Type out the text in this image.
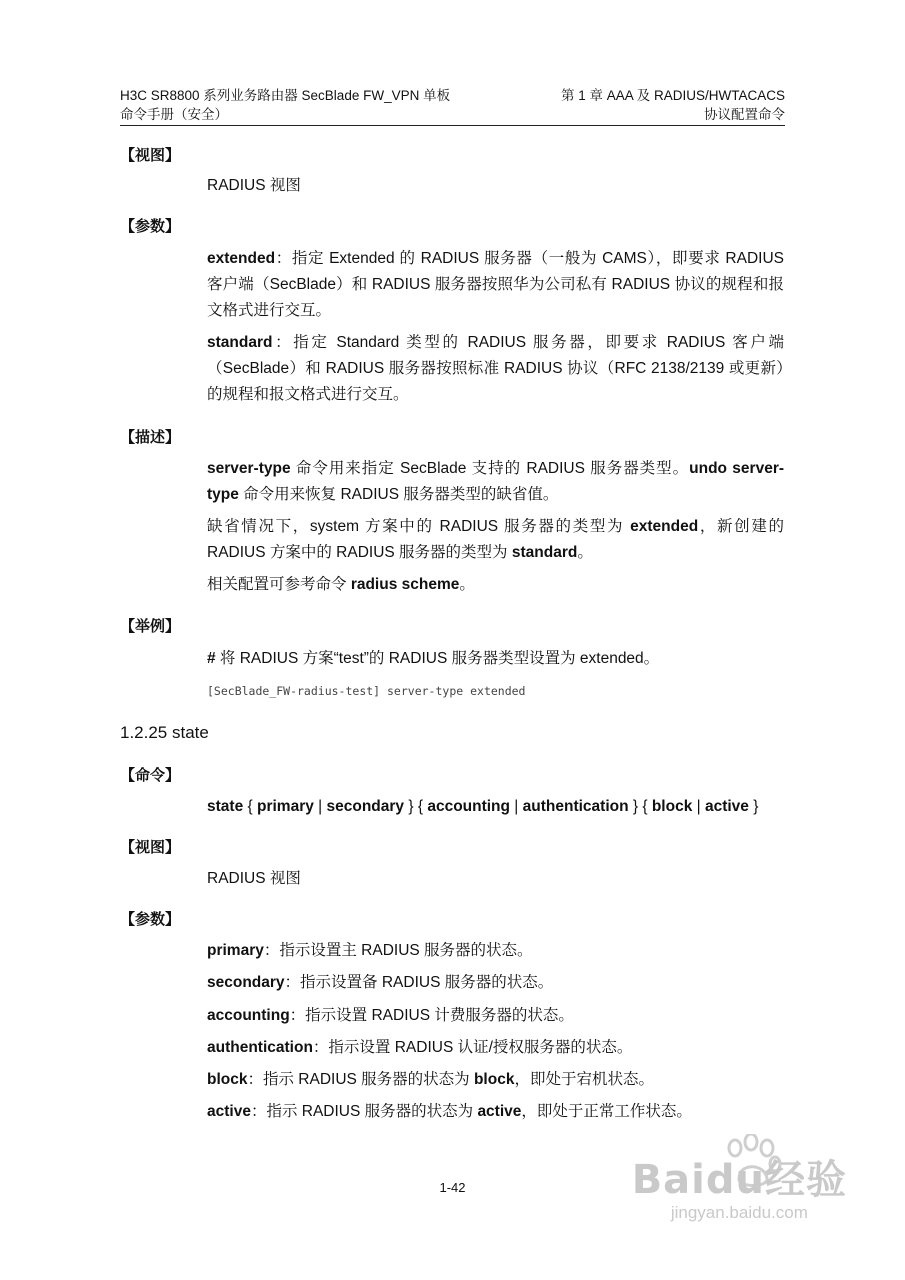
H3C SR8800 系列业务路由器 SecBlade FW_VPN 单板
命令手册（安全）
第 1 章 AAA 及 RADIUS/HWTACACS
协议配置命令
【视图】
RADIUS 视图
【参数】
extended：指定 Extended 的 RADIUS 服务器（一般为 CAMS），即要求 RADIUS 客户端（SecBlade）和 RADIUS 服务器按照华为公司私有 RADIUS 协议的规程和报文格式进行交互。
standard：指定 Standard 类型的 RADIUS 服务器，即要求 RADIUS 客户端（SecBlade）和 RADIUS 服务器按照标准 RADIUS 协议（RFC 2138/2139 或更新）的规程和报文格式进行交互。
【描述】
server-type 命令用来指定 SecBlade 支持的 RADIUS 服务器类型。undo server-type 命令用来恢复 RADIUS 服务器类型的缺省值。
缺省情况下，system 方案中的 RADIUS 服务器的类型为 extended，新创建的 RADIUS 方案中的 RADIUS 服务器的类型为 standard。
相关配置可参考命令 radius scheme。
【举例】
# 将 RADIUS 方案“test”的 RADIUS 服务器类型设置为 extended。
[SecBlade_FW-radius-test] server-type extended
1.2.25 state
【命令】
state { primary | secondary } { accounting | authentication } { block | active }
【视图】
RADIUS 视图
【参数】
primary：指示设置主 RADIUS 服务器的状态。
secondary：指示设置备 RADIUS 服务器的状态。
accounting：指示设置 RADIUS 计费服务器的状态。
authentication：指示设置 RADIUS 认证/授权服务器的状态。
block：指示 RADIUS 服务器的状态为 block，即处于宕机状态。
active：指示 RADIUS 服务器的状态为 active，即处于正常工作状态。
1-42	Baidu经验
jingyan.baidu.com
